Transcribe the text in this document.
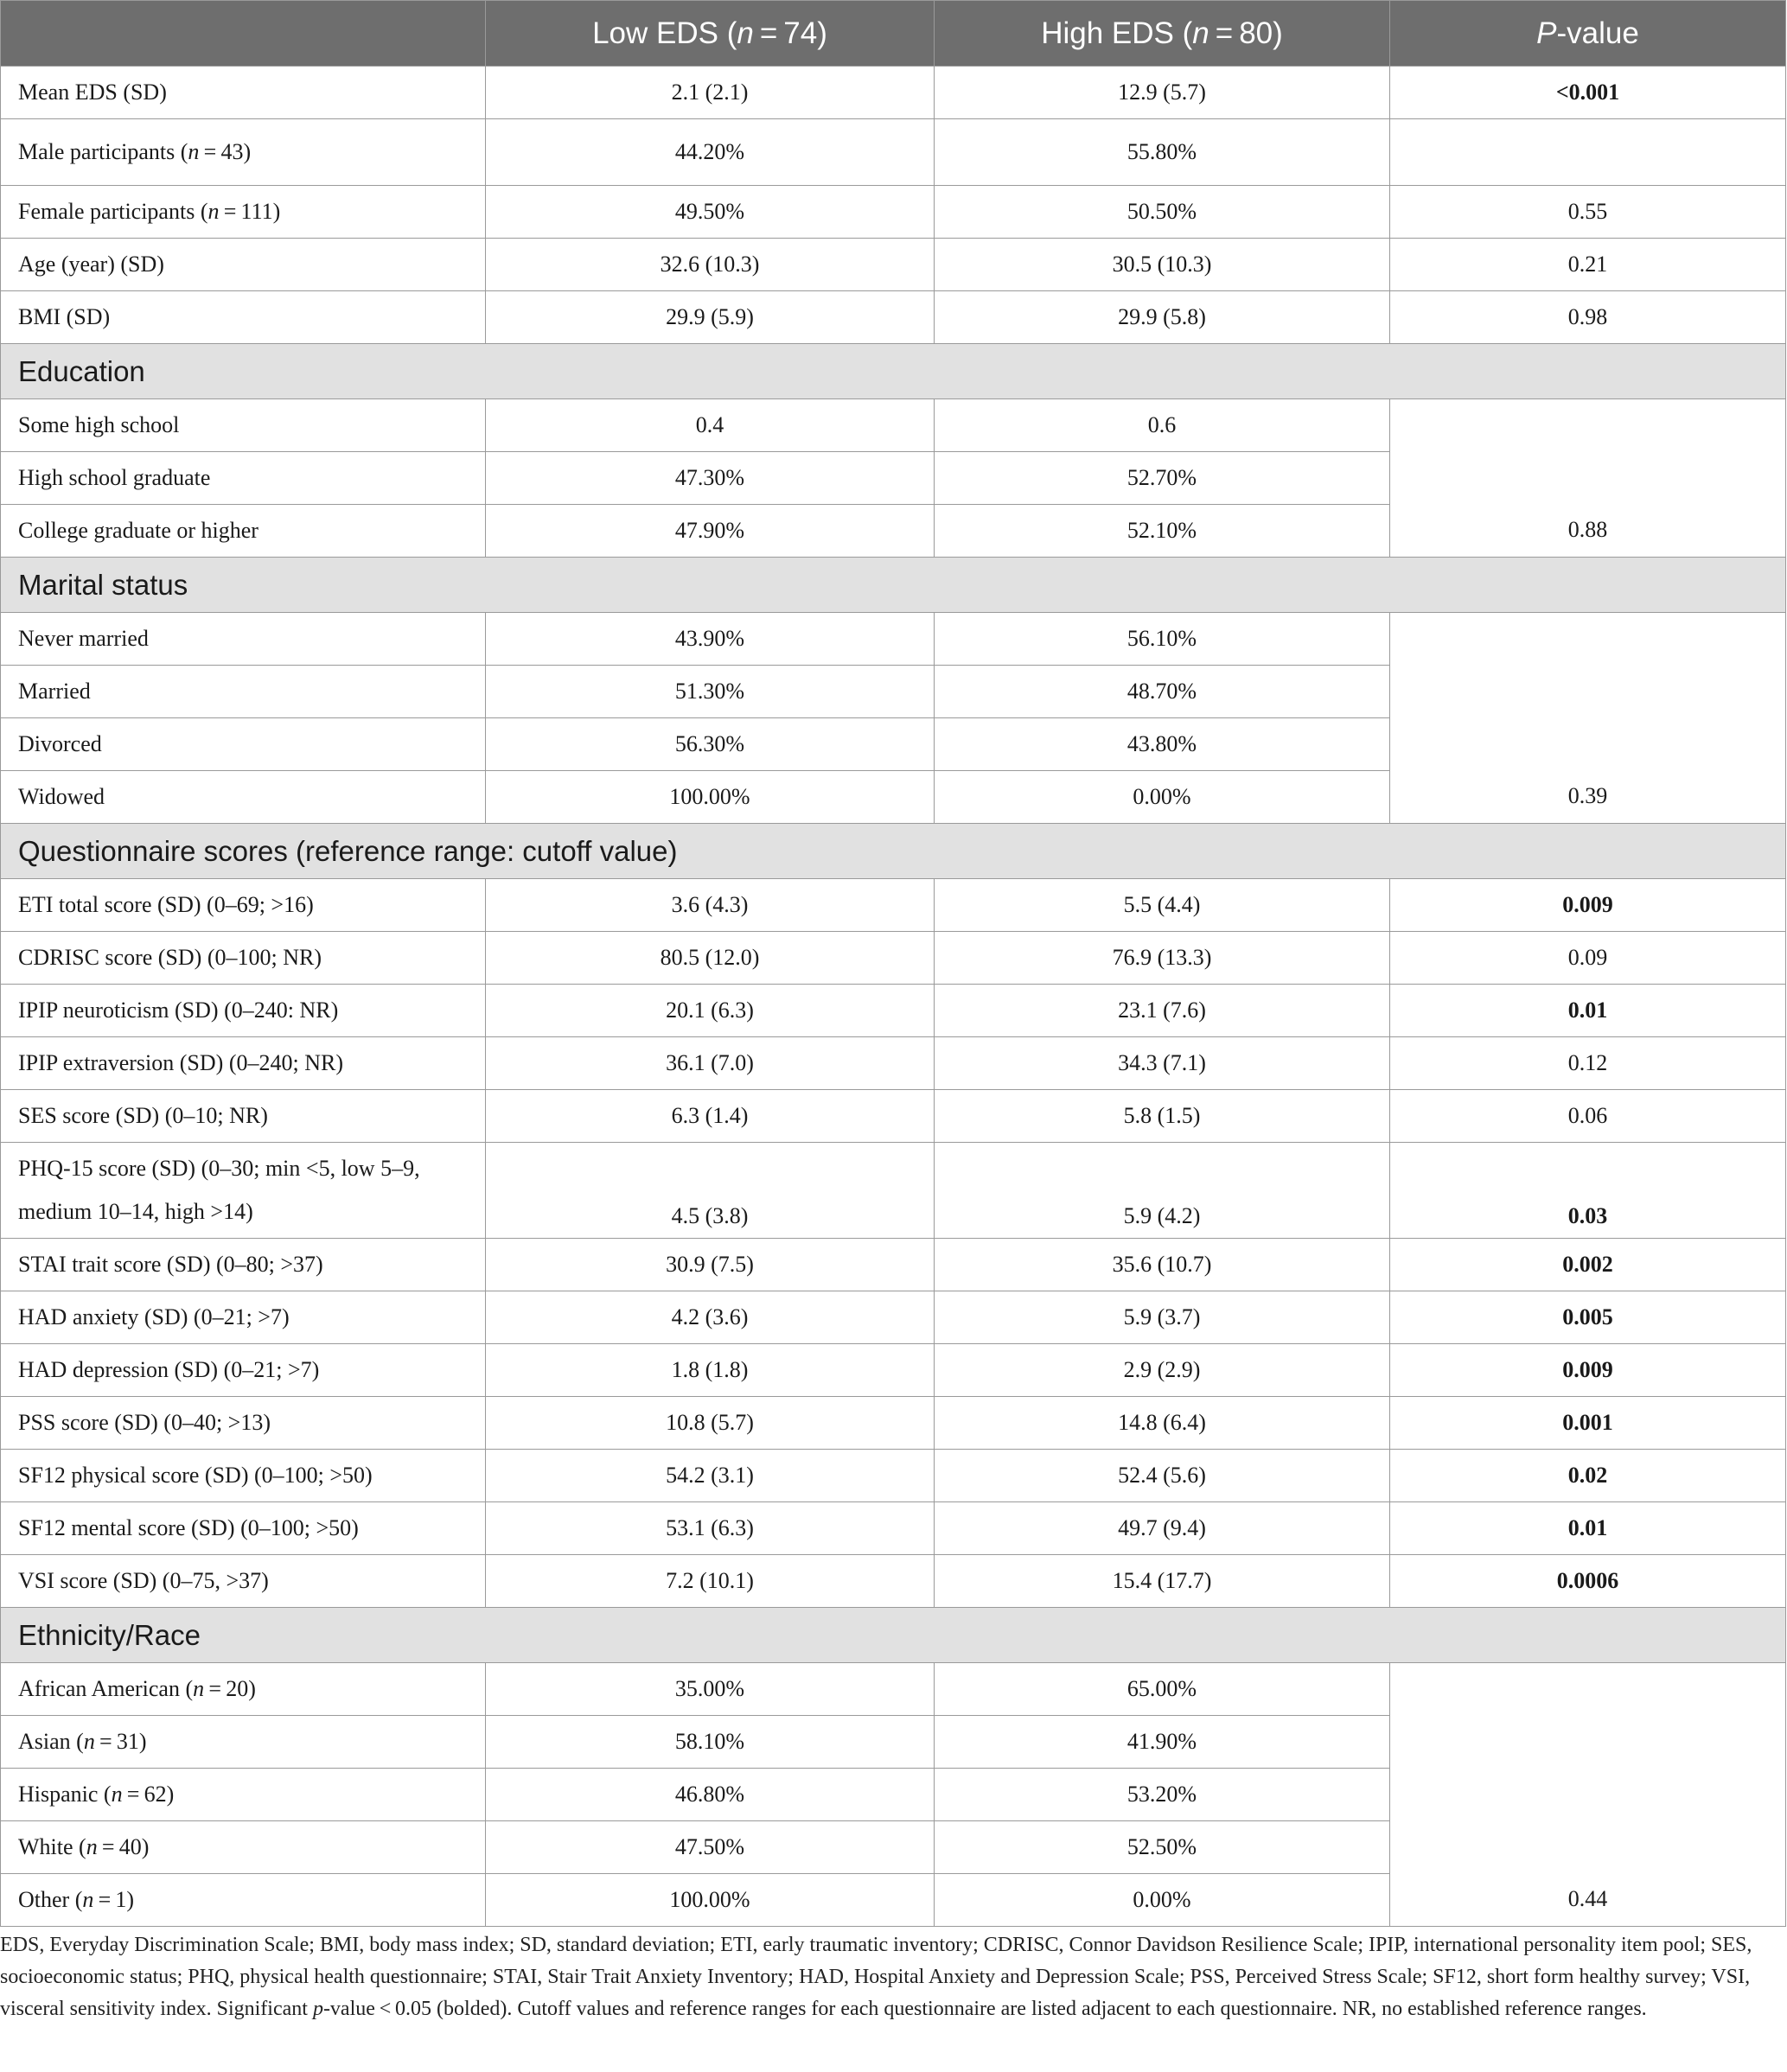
	Low EDS (n = 74)	High EDS (n = 80)	P-value
Mean EDS (SD)	2.1 (2.1)	12.9 (5.7)	<0.001
Male participants (n = 43)	44.20%	55.80%	
Female participants (n = 111)	49.50%	50.50%	0.55
Age (year) (SD)	32.6 (10.3)	30.5 (10.3)	0.21
BMI (SD)	29.9 (5.9)	29.9 (5.8)	0.98
Education			
Some high school	0.4	0.6	0.88
High school graduate	47.30%	52.70%	
College graduate or higher	47.90%	52.10%	
Marital status			
Never married	43.90%	56.10%	0.39
Married	51.30%	48.70%	
Divorced	56.30%	43.80%	
Widowed	100.00%	0.00%	
Questionnaire scores (reference range: cutoff value)			
ETI total score (SD) (0–69; >16)	3.6 (4.3)	5.5 (4.4)	0.009
CDRISC score (SD) (0–100; NR)	80.5 (12.0)	76.9 (13.3)	0.09
IPIP neuroticism (SD) (0–240: NR)	20.1 (6.3)	23.1 (7.6)	0.01
IPIP extraversion (SD) (0–240; NR)	36.1 (7.0)	34.3 (7.1)	0.12
SES score (SD) (0–10; NR)	6.3 (1.4)	5.8 (1.5)	0.06
PHQ-15 score (SD) (0–30; min <5, low 5–9, medium 10–14, high >14)	4.5 (3.8)	5.9 (4.2)	0.03
STAI trait score (SD) (0–80; >37)	30.9 (7.5)	35.6 (10.7)	0.002
HAD anxiety (SD) (0–21; >7)	4.2 (3.6)	5.9 (3.7)	0.005
HAD depression (SD) (0–21; >7)	1.8 (1.8)	2.9 (2.9)	0.009
PSS score (SD) (0–40; >13)	10.8 (5.7)	14.8 (6.4)	0.001
SF12 physical score (SD) (0–100; >50)	54.2 (3.1)	52.4 (5.6)	0.02
SF12 mental score (SD) (0–100; >50)	53.1 (6.3)	49.7 (9.4)	0.01
VSI score (SD) (0–75, >37)	7.2 (10.1)	15.4 (17.7)	0.0006
Ethnicity/Race			
African American (n = 20)	35.00%	65.00%	0.44
Asian (n = 31)	58.10%	41.90%	
Hispanic (n = 62)	46.80%	53.20%	
White (n = 40)	47.50%	52.50%	
Other (n = 1)	100.00%	0.00%	
EDS, Everyday Discrimination Scale; BMI, body mass index; SD, standard deviation; ETI, early traumatic inventory; CDRISC, Connor Davidson Resilience Scale; IPIP, international personality item pool; SES, socioeconomic status; PHQ, physical health questionnaire; STAI, Stair Trait Anxiety Inventory; HAD, Hospital Anxiety and Depression Scale; PSS, Perceived Stress Scale; SF12, short form healthy survey; VSI, visceral sensitivity index. Significant p-value < 0.05 (bolded). Cutoff values and reference ranges for each questionnaire are listed adjacent to each questionnaire. NR, no established reference ranges.
